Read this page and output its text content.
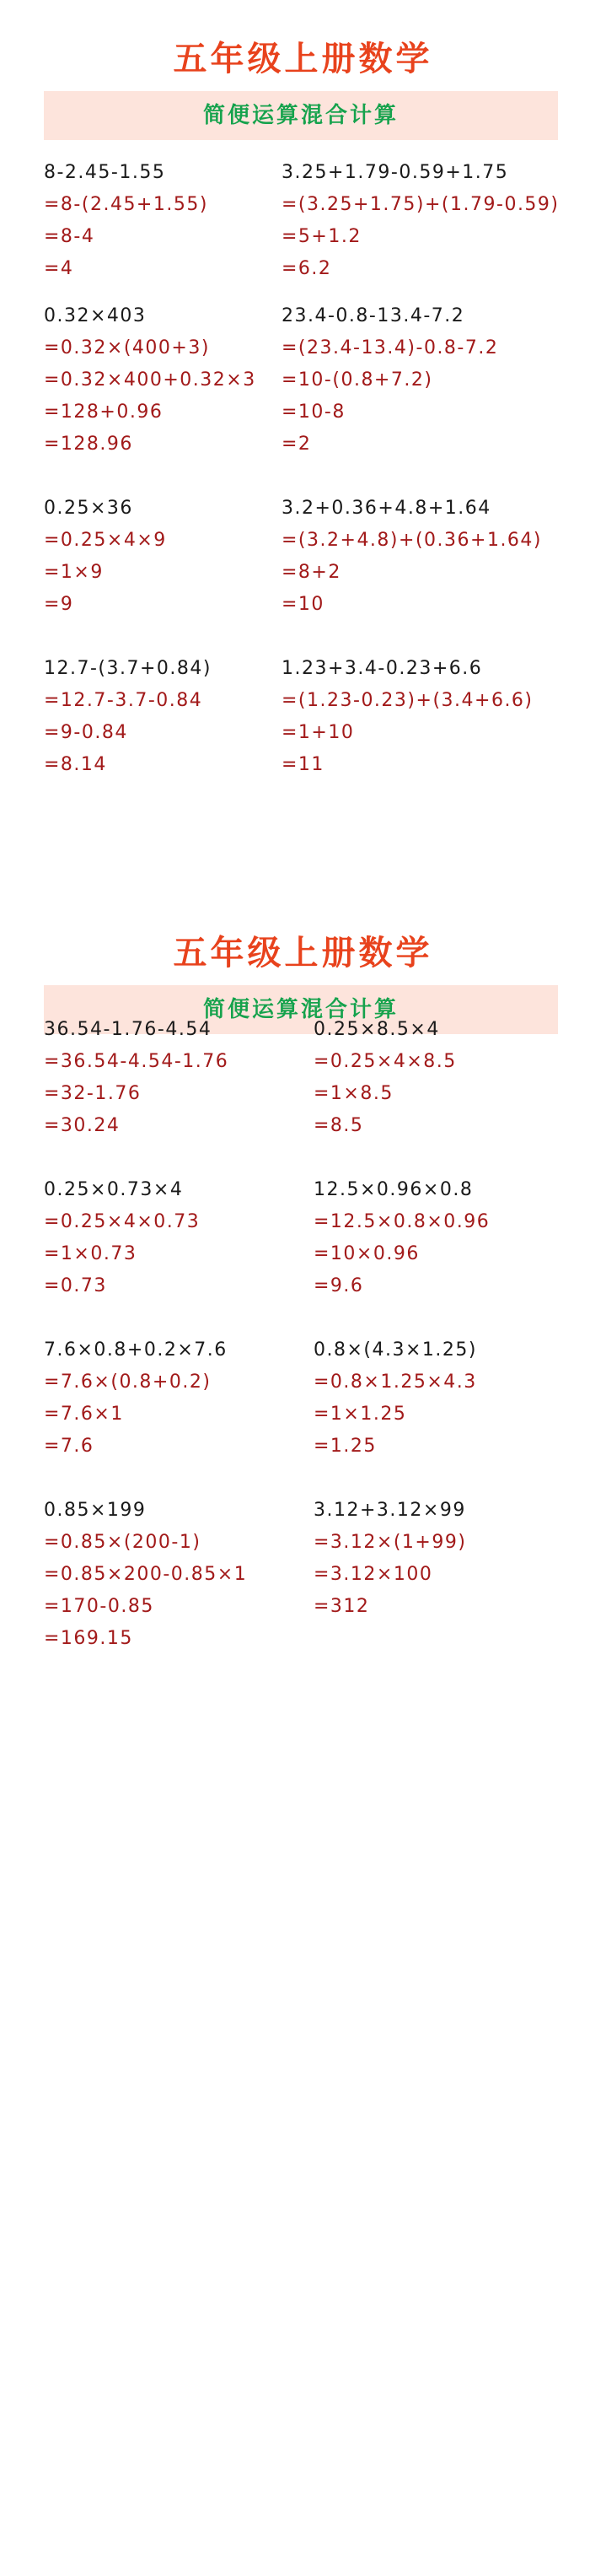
五年级上册数学
简便运算混合计算
8-2.45-1.55
=8-(2.45+1.55)
=8-4
=4
3.25+1.79-0.59+1.75
=(3.25+1.75)+(1.79-0.59)
=5+1.2
=6.2
0.32×403
=0.32×(400+3)
=0.32×400+0.32×3
=128+0.96
=128.96
23.4-0.8-13.4-7.2
=(23.4-13.4)-0.8-7.2
=10-(0.8+7.2)
=10-8
=2
0.25×36
=0.25×4×9
=1×9
=9
3.2+0.36+4.8+1.64
=(3.2+4.8)+(0.36+1.64)
=8+2
=10
12.7-(3.7+0.84)
=12.7-3.7-0.84
=9-0.84
=8.14
1.23+3.4-0.23+6.6
=(1.23-0.23)+(3.4+6.6)
=1+10
=11
五年级上册数学
简便运算混合计算
36.54-1.76-4.54
=36.54-4.54-1.76
=32-1.76
=30.24
0.25×8.5×4
=0.25×4×8.5
=1×8.5
=8.5
0.25×0.73×4
=0.25×4×0.73
=1×0.73
=0.73
12.5×0.96×0.8
=12.5×0.8×0.96
=10×0.96
=9.6
7.6×0.8+0.2×7.6
=7.6×(0.8+0.2)
=7.6×1
=7.6
0.8×(4.3×1.25)
=0.8×1.25×4.3
=1×1.25
=1.25
0.85×199
=0.85×(200-1)
=0.85×200-0.85×1
=170-0.85
=169.15
3.12+3.12×99
=3.12×(1+99)
=3.12×100
=312
